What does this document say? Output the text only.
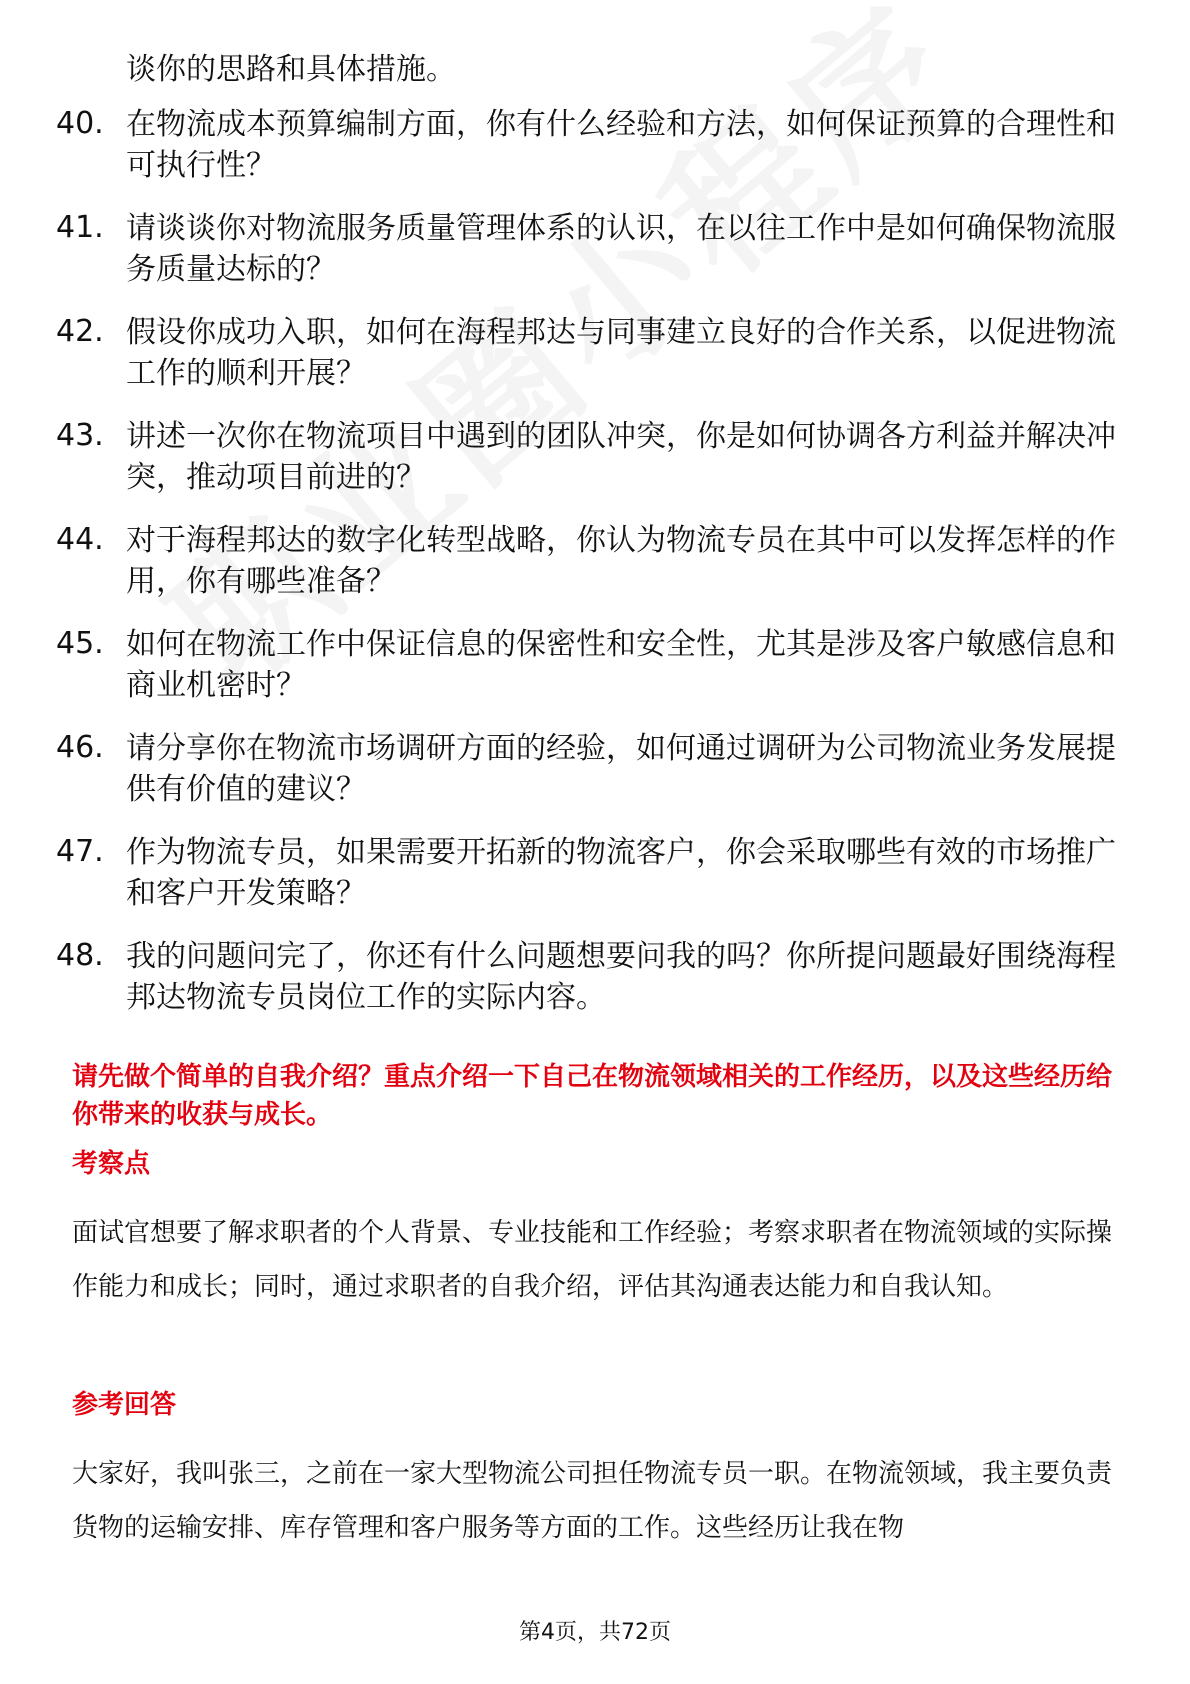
谈你的思路和具体措施。
40. 在物流成本预算编制方面，你有什么经验和方法，如何保证预算的合理性和可执行性？
41. 请谈谈你对物流服务质量管理体系的认识，在以往工作中是如何确保物流服务质量达标的？
42. 假设你成功入职，如何在海程邦达与同事建立良好的合作关系，以促进物流工作的顺利开展？
43. 讲述一次你在物流项目中遇到的团队冲突，你是如何协调各方利益并解决冲突，推动项目前进的？
44. 对于海程邦达的数字化转型战略，你认为物流专员在其中可以发挥怎样的作用，你有哪些准备？
45. 如何在物流工作中保证信息的保密性和安全性，尤其是涉及客户敏感信息和商业机密时？
46. 请分享你在物流市场调研方面的经验，如何通过调研为公司物流业务发展提供有价值的建议？
47. 作为物流专员，如果需要开拓新的物流客户，你会采取哪些有效的市场推广和客户开发策略？
48. 我的问题问完了，你还有什么问题想要问我的吗？你所提问题最好围绕海程邦达物流专员岗位工作的实际内容。

请先做个简单的自我介绍？重点介绍一下自己在物流领域相关的工作经历，以及这些经历给你带来的收获与成长。

考察点

面试官想要了解求职者的个人背景、专业技能和工作经验；考察求职者在物流领域的实际操作能力和成长；同时，通过求职者的自我介绍，评估其沟通表达能力和自我认知。

参考回答

大家好，我叫张三，之前在一家大型物流公司担任物流专员一职。在物流领域，我主要负责货物的运输安排、库存管理和客户服务等方面的工作。这些经历让我在物

第4页，共72页
